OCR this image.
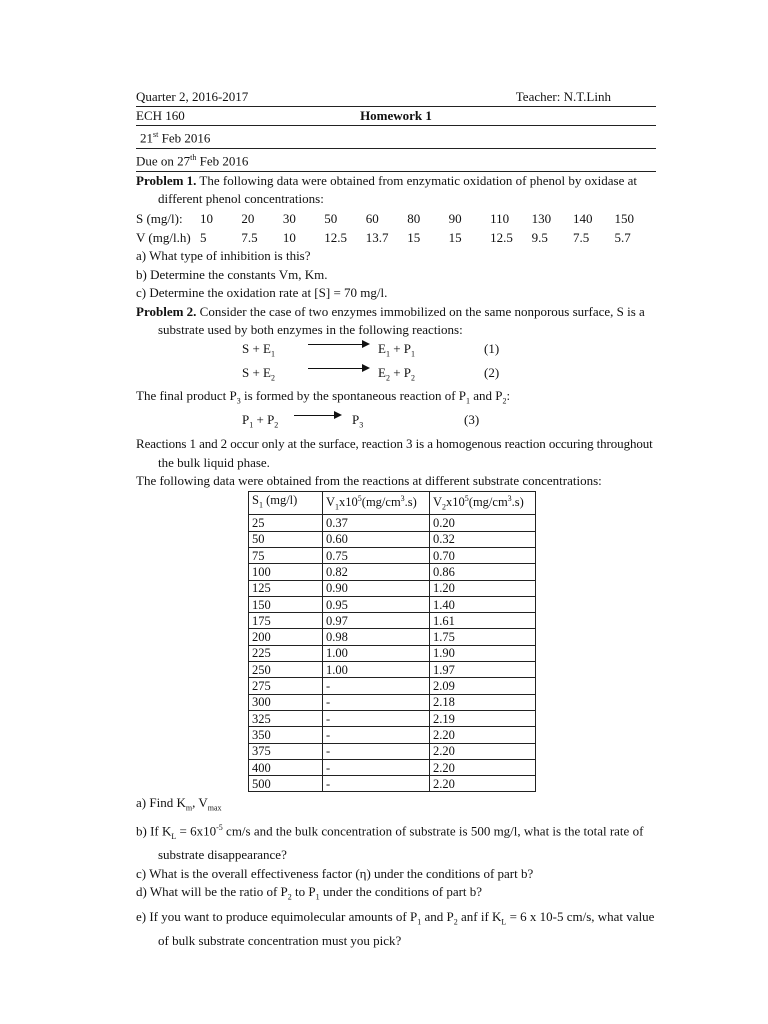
Quarter 2, 2016-2017	Teacher: N.T.Linh
ECH 160	Homework 1
21st Feb 2016
Due on 27th Feb 2016
Problem 1. The following data were obtained from enzymatic oxidation of phenol by oxidase at
different phenol concentrations:
S (mg/l):	10	20	30	50	60	80	90	110	130	140	150
V (mg/l.h) 5	7.5	10	12.5	13.7	15	15	12.5	9.5	7.5	5.7
a) What type of inhibition is this?
b) Determine the constants Vm, Km.
c) Determine the oxidation rate at [S] = 70 mg/l.
Problem 2. Consider the case of two enzymes immobilized on the same nonporous surface, S is a
substrate used by both enzymes in the following reactions:
$S + E_1$	$E_1 + P_1$	(1)
$S + E_2$	$E_2 + P_2$	(2)
The final product $P_3$ is formed by the spontaneous reaction of $P_1$ and $P_2$:
$P_1 + P_2$	$P_3$	(3)
Reactions 1 and 2 occur only at the surface, reaction 3 is a homogenous reaction occuring throughout
the bulk liquid phase.
The following data were obtained from the reactions at different substrate concentrations:
$S_1$ (mg/l)	$V_1x10^5(mg/cm^3.s)$	$V_2x10^5(mg/cm^3.s)$
25	0.37	0.20
50	0.60	0.32
75	0.75	0.70
100	0.82	0.86
125	0.90	1.20
150	0.95	1.40
175	0.97	1.61
200	0.98	1.75
225	1.00	1.90
250	1.00	1.97
275	-	2.09
300	-	2.18
325	-	2.19
350	-	2.20
375	-	2.20
400	-	2.20
500	-	2.20
a) Find $K_m$, $V_{max}$
b) If $K_L = 6x10^{-5}$ cm/s and the bulk concentration of substrate is 500 mg/l, what is the total rate of
substrate disappearance?
c) What is the overall effectiveness factor (η) under the conditions of part b?
d) What will be the ratio of $P_2$ to $P_1$ under the conditions of part b?
e) If you want to produce equimolecular amounts of $P_1$ and $P_2$ anf if $K_L = 6$ x 10-5 cm/s, what value
of bulk substrate concentration must you pick?
